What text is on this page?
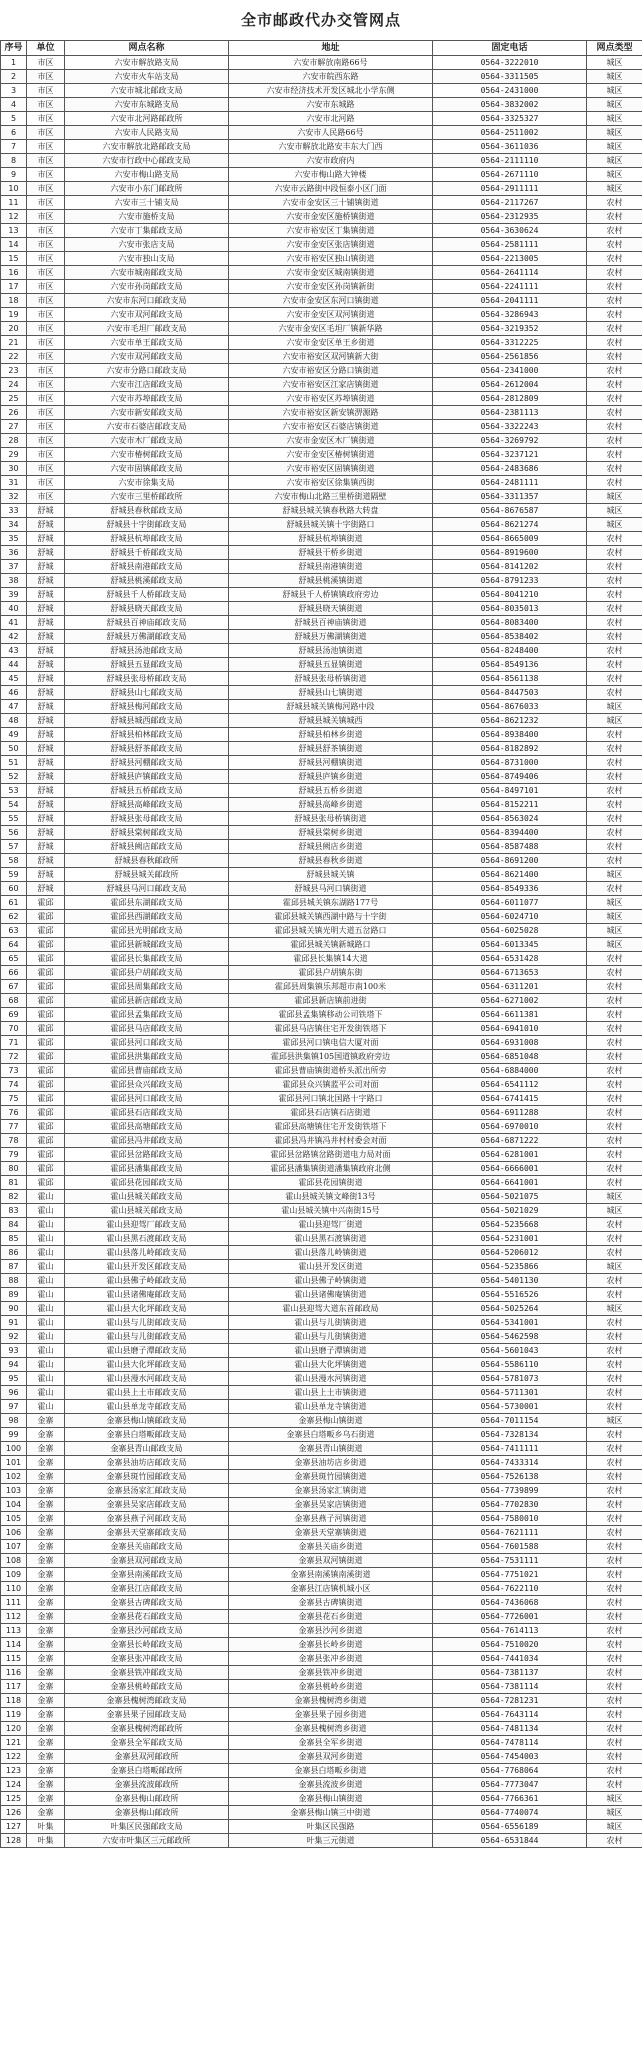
全市邮政代办交管网点
序号	单位	网点名称	地址	固定电话	网点类型
1	市区	六安市解放路支局	六安市解放南路66号	0564-3222010	城区
2	市区	六安市火车站支局	六安市皖西东路	0564-3311505	城区
3	市区	六安市城北邮政支局	六安市经济技术开发区城北小学东侧	0564-2431000	城区
4	市区	六安市东城路支局	六安市东城路	0564-3832002	城区
5	市区	六安市北河路邮政所	六安市北河路	0564-3325327	城区
6	市区	六安市人民路支局	六安市人民路66号	0564-2511002	城区
7	市区	六安市解放北路邮政支局	六安市解放北路安丰东大门西	0564-3611036	城区
8	市区	六安市行政中心邮政支局	六安市政府内	0564-2111110	城区
9	市区	六安市梅山路支局	六安市梅山路大钟楼	0564-2671110	城区
10	市区	六安市小东门邮政所	六安市云路街中段恒泰小区门面	0564-2911111	城区
11	市区	六安市三十铺支局	六安市金安区三十铺镇街道	0564-2117267	农村
12	市区	六安市施桥支局	六安市金安区施桥镇街道	0564-2312935	农村
13	市区	六安市丁集邮政支局	六安市裕安区丁集镇街道	0564-3630624	农村
14	市区	六安市张店支局	六安市金安区张店镇街道	0564-2581111	农村
15	市区	六安市独山支局	六安市裕安区独山镇街道	0564-2213005	农村
16	市区	六安市城南邮政支局	六安市金安区城南镇街道	0564-2641114	农村
17	市区	六安市孙岗邮政支局	六安市金安区孙岗镇新街	0564-2241111	农村
18	市区	六安市东河口邮政支局	六安市金安区东河口镇街道	0564-2041111	农村
19	市区	六安市双河邮政支局	六安市金安区双河镇街道	0564-3286943	农村
20	市区	六安市毛坦厂邮政支局	六安市金安区毛坦厂镇新华路	0564-3219352	农村
21	市区	六安市单王邮政支局	六安市金安区单王乡街道	0564-3312225	农村
22	市区	六安市双河邮政支局	六安市裕安区双河镇新大街	0564-2561856	农村
23	市区	六安市分路口邮政支局	六安市裕安区分路口镇街道	0564-2341000	农村
24	市区	六安市江店邮政支局	六安市裕安区江家店镇街道	0564-2612004	农村
25	市区	六安市苏埠邮政支局	六安市裕安区苏埠镇街道	0564-2812809	农村
26	市区	六安市新安邮政支局	六安市裕安区新安镇淠源路	0564-2381113	农村
27	市区	六安市石婆店邮政支局	六安市裕安区石婆店镇街道	0564-3322243	农村
28	市区	六安市木厂邮政支局	六安市金安区木厂镇街道	0564-3269792	农村
29	市区	六安市椿树邮政支局	六安市金安区椿树镇街道	0564-3237121	农村
30	市区	六安市固镇邮政支局	六安市裕安区固镇镇街道	0564-2483686	农村
31	市区	六安市徐集支局	六安市裕安区徐集镇西街	0564-2481111	农村
32	市区	六安市三里桥邮政所	六安市梅山北路三里桥街道隔壁	0564-3311357	城区
33	舒城	舒城县春秋邮政支局	舒城县城关镇春秋路大转盘	0564-8676587	城区
34	舒城	舒城县十字街邮政支局	舒城县城关镇十字街路口	0564-8621274	城区
35	舒城	舒城县杭埠邮政支局	舒城县杭埠镇街道	0564-8665009	农村
36	舒城	舒城县千桥邮政支局	舒城县干桥乡街道	0564-8919600	农村
37	舒城	舒城县南港邮政支局	舒城县南港镇街道	0564-8141202	农村
38	舒城	舒城县桃溪邮政支局	舒城县桃溪镇街道	0564-8791233	农村
39	舒城	舒城县千人桥邮政支局	舒城县千人桥镇镇政府旁边	0564-8041210	农村
40	舒城	舒城县晓天邮政支局	舒城县晓天镇街道	0564-8035013	农村
41	舒城	舒城县百神庙邮政支局	舒城县百神庙镇街道	0564-8083400	农村
42	舒城	舒城县万佛湖邮政支局	舒城县万佛湖镇街道	0564-8538402	农村
43	舒城	舒城县汤池邮政支局	舒城县汤池镇街道	0564-8248400	农村
44	舒城	舒城县五显邮政支局	舒城县五显镇街道	0564-8549136	农村
45	舒城	舒城县张母桥邮政支局	舒城县张母桥镇街道	0564-8561138	农村
46	舒城	舒城县山七邮政支局	舒城县山七镇街道	0564-8447503	农村
47	舒城	舒城县梅河邮政支局	舒城县城关镇梅河路中段	0564-8676033	城区
48	舒城	舒城县城西邮政支局	舒城县城关镇城西	0564-8621232	城区
49	舒城	舒城县柏林邮政支局	舒城县柏林乡街道	0564-8938400	农村
50	舒城	舒城县舒茶邮政支局	舒城县舒茶镇街道	0564-8182892	农村
51	舒城	舒城县河棚邮政支局	舒城县河棚镇街道	0564-8731000	农村
52	舒城	舒城县庐镇邮政支局	舒城县庐镇乡街道	0564-8749406	农村
53	舒城	舒城县五桥邮政支局	舒城县五桥乡街道	0564-8497101	农村
54	舒城	舒城县高峰邮政支局	舒城县高峰乡街道	0564-8152211	农村
55	舒城	舒城县张母邮政支局	舒城县张母桥镇街道	0564-8563024	农村
56	舒城	舒城县棠树邮政支局	舒城县棠树乡街道	0564-8394400	农村
57	舒城	舒城县阙店邮政支局	舒城县阙店乡街道	0564-8587488	农村
58	舒城	舒城县春秋邮政所	舒城县春秋乡街道	0564-8691200	农村
59	舒城	舒城县城关邮政所	舒城县城关镇	0564-8621400	城区
60	舒城	舒城县马河口邮政支局	舒城县马河口镇街道	0564-8549336	农村
61	霍邱	霍邱县东湖邮政支局	霍邱县城关镇东湖路177号	0564-6011077	城区
62	霍邱	霍邱县西湖邮政支局	霍邱县城关镇西湖中路与十字街	0564-6024710	城区
63	霍邱	霍邱县光明邮政支局	霍邱县城关镇光明大道五岔路口	0564-6025028	城区
64	霍邱	霍邱县新城邮政支局	霍邱县城关镇新城路口	0564-6013345	城区
65	霍邱	霍邱县长集邮政支局	霍邱县长集镇14大道	0564-6531428	农村
66	霍邱	霍邱县户胡邮政支局	霍邱县户胡镇东街	0564-6713653	农村
67	霍邱	霍邱县周集邮政支局	霍邱县周集镇乐邦超市南100米	0564-6311201	农村
68	霍邱	霍邱县新店邮政支局	霍邱县新店镇前进街	0564-6271002	农村
69	霍邱	霍邱县孟集邮政支局	霍邱县孟集镇移动公司铁塔下	0564-6611381	农村
70	霍邱	霍邱县马店邮政支局	霍邱县马店镇住宅开发街铁塔下	0564-6941010	农村
71	霍邱	霍邱县河口邮政支局	霍邱县河口镇电信大厦对面	0564-6931008	农村
72	霍邱	霍邱县洪集邮政支局	霍邱县洪集镇105国道镇政府旁边	0564-6851048	农村
73	霍邱	霍邱县曹庙邮政支局	霍邱县曹庙镇街道桥头派出所旁	0564-6884000	农村
74	霍邱	霍邱县众兴邮政支局	霍邱县众兴镇蓝平公司对面	0564-6541112	农村
75	霍邱	霍邱县河口邮政支局	霍邱县河口镇北国路十字路口	0564-6741415	农村
76	霍邱	霍邱县石店邮政支局	霍邱县石店镇石店街道	0564-6911288	农村
77	霍邱	霍邱县高塘邮政支局	霍邱县高塘镇住宅开发街铁塔下	0564-6970010	农村
78	霍邱	霍邱县冯井邮政支局	霍邱县冯井镇冯井村村委会对面	0564-6871222	农村
79	霍邱	霍邱县岔路邮政支局	霍邱县岔路镇岔路街道电力局对面	0564-6281001	农村
80	霍邱	霍邱县潘集邮政支局	霍邱县潘集镇街道潘集镇政府北侧	0564-6666001	农村
81	霍邱	霍邱县花园邮政支局	霍邱县花园镇街道	0564-6641001	农村
82	霍山	霍山县城关邮政支局	霍山县城关镇文峰街13号	0564-5021075	城区
83	霍山	霍山县城关邮政支局	霍山县城关镇中兴南街15号	0564-5021029	城区
84	霍山	霍山县迎驾厂邮政支局	霍山县迎驾厂街道	0564-5235668	农村
85	霍山	霍山县黑石渡邮政支局	霍山县黑石渡镇街道	0564-5231001	农村
86	霍山	霍山县落儿岭邮政支局	霍山县落儿岭镇街道	0564-5206012	农村
87	霍山	霍山县开发区邮政支局	霍山县开发区街道	0564-5235866	城区
88	霍山	霍山县佛子岭邮政支局	霍山县佛子岭镇街道	0564-5401130	农村
89	霍山	霍山县诸佛庵邮政支局	霍山县诸佛庵镇街道	0564-5516526	农村
90	霍山	霍山县大化坪邮政支局	霍山县迎驾大道东首邮政局	0564-5025264	城区
91	霍山	霍山县与儿街邮政支局	霍山县与儿街镇街道	0564-5341001	农村
92	霍山	霍山县与儿街邮政支局	霍山县与儿街镇街道	0564-5462598	农村
93	霍山	霍山县磨子潭邮政支局	霍山县磨子潭镇街道	0564-5601043	农村
94	霍山	霍山县大化坪邮政支局	霍山县大化坪镇街道	0564-5586110	农村
95	霍山	霍山县漫水河邮政支局	霍山县漫水河镇街道	0564-5781073	农村
96	霍山	霍山县上土市邮政支局	霍山县上土市镇街道	0564-5711301	农村
97	霍山	霍山县单龙寺邮政支局	霍山县单龙寺镇街道	0564-5730001	农村
98	金寨	金寨县梅山镇邮政支局	金寨县梅山镇街道	0564-7011154	城区
99	金寨	金寨县白塔畈邮政支局	金寨县白塔畈乡乌石街道	0564-7328134	农村
100	金寨	金寨县青山邮政支局	金寨县青山镇街道	0564-7411111	农村
101	金寨	金寨县油坊店邮政支局	金寨县油坊店乡街道	0564-7433314	农村
102	金寨	金寨县斑竹园邮政支局	金寨县斑竹园镇街道	0564-7526138	农村
103	金寨	金寨县汤家汇邮政支局	金寨县汤家汇镇街道	0564-7739899	农村
104	金寨	金寨县吴家店邮政支局	金寨县吴家店镇街道	0564-7702830	农村
105	金寨	金寨县燕子河邮政支局	金寨县燕子河镇街道	0564-7580010	农村
106	金寨	金寨县天堂寨邮政支局	金寨县天堂寨镇街道	0564-7621111	农村
107	金寨	金寨县关庙邮政支局	金寨县关庙乡街道	0564-7601588	农村
108	金寨	金寨县双河邮政支局	金寨县双河镇街道	0564-7531111	农村
109	金寨	金寨县南溪邮政支局	金寨县南溪镇南溪街道	0564-7751021	农村
110	金寨	金寨县江店邮政支局	金寨县江店镇机城小区	0564-7622110	农村
111	金寨	金寨县古碑邮政支局	金寨县古碑镇街道	0564-7436068	农村
112	金寨	金寨县花石邮政支局	金寨县花石乡街道	0564-7726001	农村
113	金寨	金寨县沙河邮政支局	金寨县沙河乡街道	0564-7614113	农村
114	金寨	金寨县长岭邮政支局	金寨县长岭乡街道	0564-7510020	农村
115	金寨	金寨县张冲邮政支局	金寨县张冲乡街道	0564-7441034	农村
116	金寨	金寨县铁冲邮政支局	金寨县铁冲乡街道	0564-7381137	农村
117	金寨	金寨县桃岭邮政支局	金寨县桃岭乡街道	0564-7381114	农村
118	金寨	金寨县槐树湾邮政支局	金寨县槐树湾乡街道	0564-7281231	农村
119	金寨	金寨县果子园邮政支局	金寨县果子园乡街道	0564-7643114	农村
120	金寨	金寨县槐树湾邮政所	金寨县槐树湾乡街道	0564-7481134	农村
121	金寨	金寨县全军邮政支局	金寨县全军乡街道	0564-7478114	农村
122	金寨	金寨县双河邮政所	金寨县双河乡街道	0564-7454003	农村
123	金寨	金寨县白塔畈邮政所	金寨县白塔畈乡街道	0564-7768064	农村
124	金寨	金寨县流波邮政所	金寨县流波乡街道	0564-7773047	农村
125	金寨	金寨县梅山邮政所	金寨县梅山镇街道	0564-7766361	城区
126	金寨	金寨县梅山邮政所	金寨县梅山镇三中街道	0564-7740074	城区
127	叶集	叶集区民强邮政支局	叶集区民强路	0564-6556189	城区
128	叶集	六安市叶集区三元邮政所	叶集三元街道	0564-6531844	农村
